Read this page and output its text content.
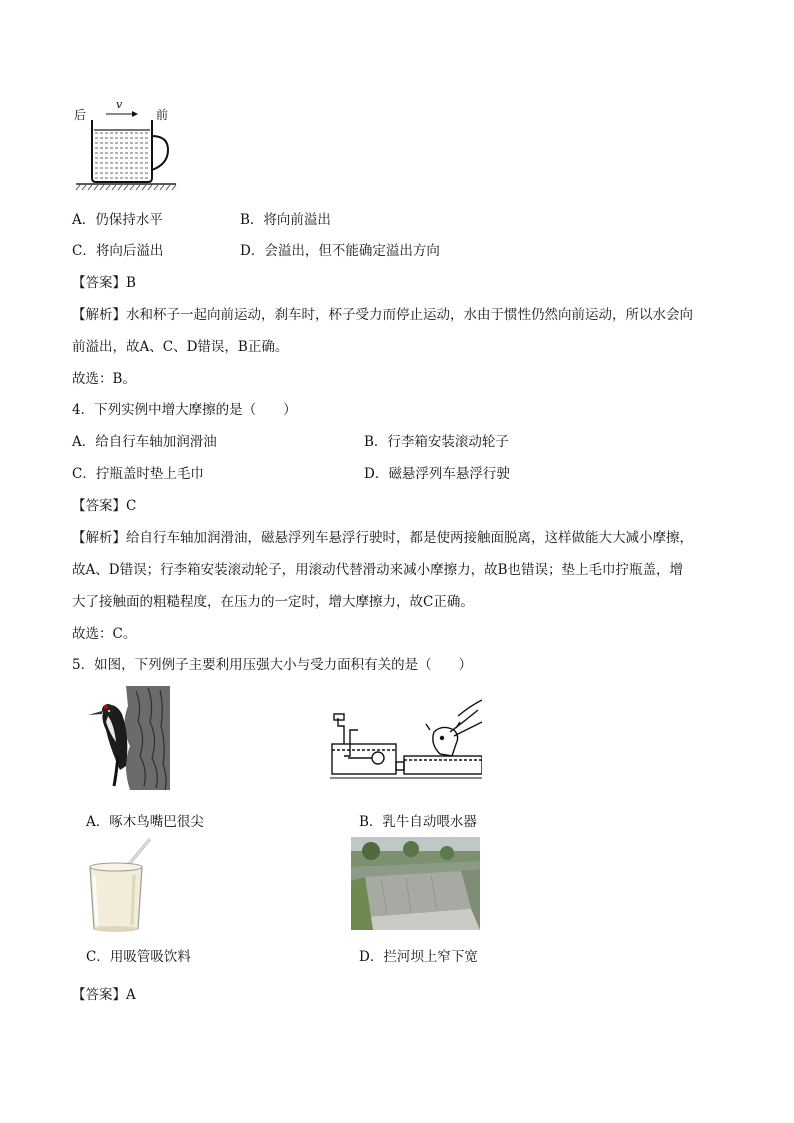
后	前
v
A．仍保持水平	B．将向前溢出
C．将向后溢出	D．会溢出，但不能确定溢出方向
【答案】B
【解析】水和杯子一起向前运动，刹车时，杯子受力而停止运动，水由于惯性仍然向前运动，所以水会向
前溢出，故A、C、D错误，B正确。
故选：B。
4．下列实例中增大摩擦的是（　　）
A．给自行车轴加润滑油	B．行李箱安装滚动轮子
C．拧瓶盖时垫上毛巾	D．磁悬浮列车悬浮行驶
【答案】C
【解析】给自行车轴加润滑油，磁悬浮列车悬浮行驶时，都是使两接触面脱离，这样做能大大减小摩擦，
故A、D错误；行李箱安装滚动轮子，用滚动代替滑动来减小摩擦力，故B也错误；垫上毛巾拧瓶盖，增
大了接触面的粗糙程度，在压力的一定时，增大摩擦力，故C正确。
故选：C。
5．如图，下列例子主要利用压强大小与受力面积有关的是（　　）
A．啄木鸟嘴巴很尖	B．乳牛自动喂水器
C．用吸管吸饮料	D．拦河坝上窄下宽
【答案】A
